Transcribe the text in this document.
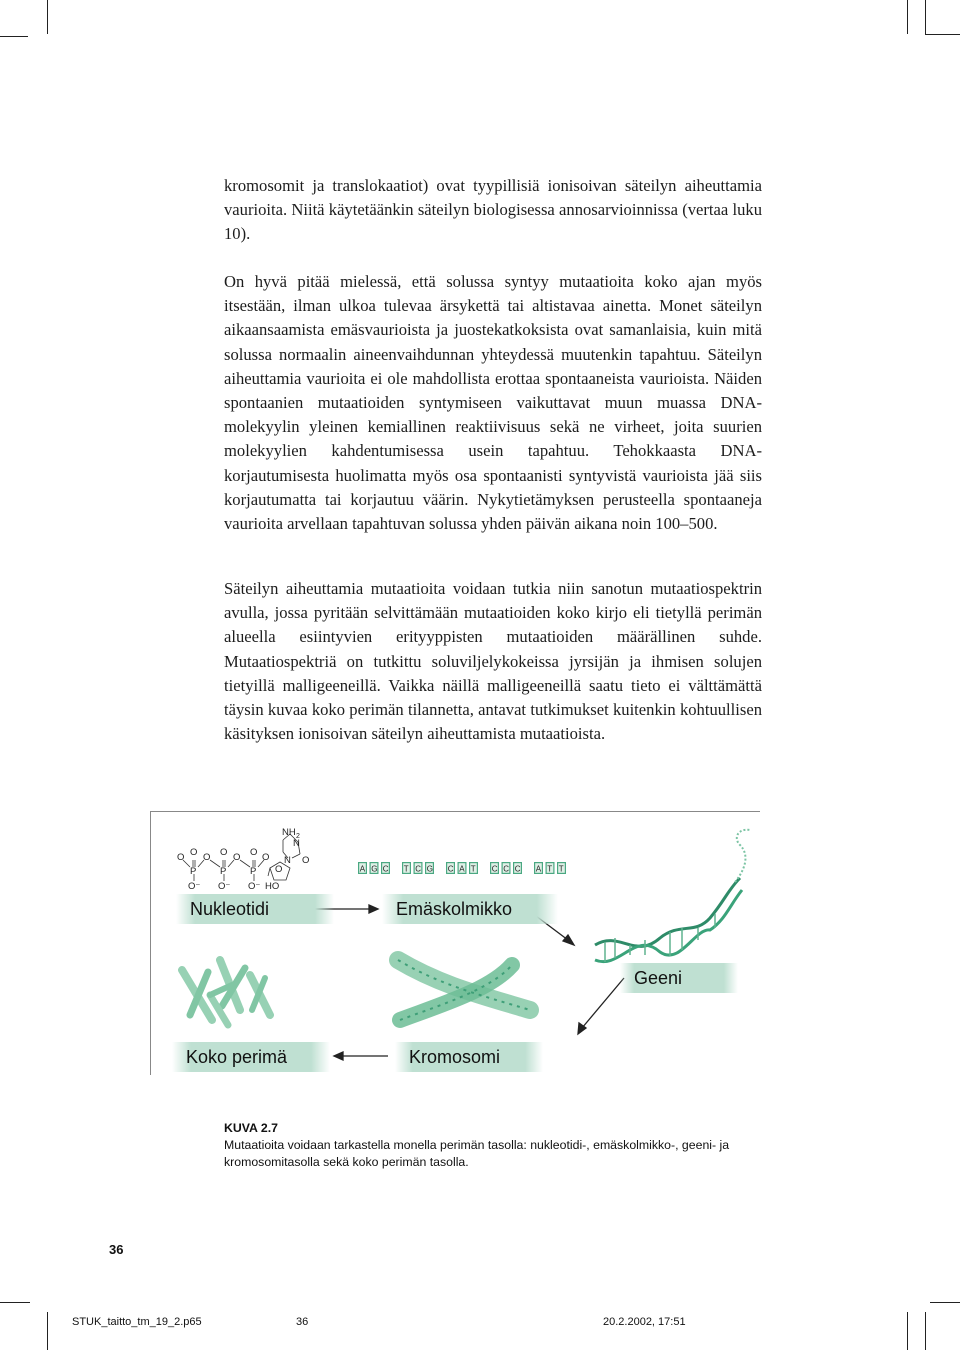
kromosomit ja translokaatiot) ovat tyypillisiä ionisoivan säteilyn aiheuttamia vaurioita. Niitä käytetäänkin säteilyn biologisessa annosarvioinnissa (vertaa luku 10).

On hyvä pitää mielessä, että solussa syntyy mutaatioita koko ajan myös itsestään, ilman ulkoa tulevaa ärsykettä tai altistavaa ainetta. Monet säteilyn aikaansaamista emäsvaurioista ja juostekatkoksista ovat samanlaisia, kuin mitä solussa normaalin aineenvaihdunnan yhteydessä muutenkin tapahtuu. Säteilyn aiheuttamia vaurioita ei ole mahdollista erottaa spontaaneista vaurioista. Näiden spontaanien mutaatioiden syntymiseen vaikuttavat muun muassa DNA-molekyylin yleinen kemiallinen reaktiivisuus sekä ne virheet, joita suurien molekyylien kahdentumisessa usein tapahtuu. Tehokkaasta DNA-korjautumisesta huolimatta myös osa spontaanisti syntyvistä vaurioista jää siis korjautumatta tai korjautuu väärin. Nykytietämyksen perusteella spontaaneja vaurioita arvellaan tapahtuvan solussa yhden päivän aikana noin 100–500.

Säteilyn aiheuttamia mutaatioita voidaan tutkia niin sanotun mutaatiospektrin avulla, jossa pyritään selvittämään mutaatioiden koko kirjo eli tietyllä perimän alueella esiintyvien erityyppisten mutaatioiden määrällinen suhde. Mutaatiospektriä on tutkittu soluviljelykokeissa jyrsijän ja ihmisen solujen tietyillä malligeeneillä. Vaikka näillä malligeeneillä saatu tieto ei välttämättä täysin kuvaa koko perimän tilannetta, antavat tutkimukset kuitenkin kohtuullisen käsityksen ionisoivan säteilyn aiheuttamista mutaatioista.

O O O O O O O
P P P
O⁻ O⁻ O⁻
O
HO
NH 2
N
N O
A G C T C G C A T C C C A T T
Nukleotidi	Emäskolmikko
Geeni
Kromosomi
Koko perimä
KUVA 2.7
Mutaatioita voidaan tarkastella monella perimän tasolla: nukleotidi-, emäskolmikko-, geeni- ja kromosomitasolla sekä koko perimän tasolla.
36
STUK_taitto_tm_19_2.p65	36	20.2.2002, 17:51
